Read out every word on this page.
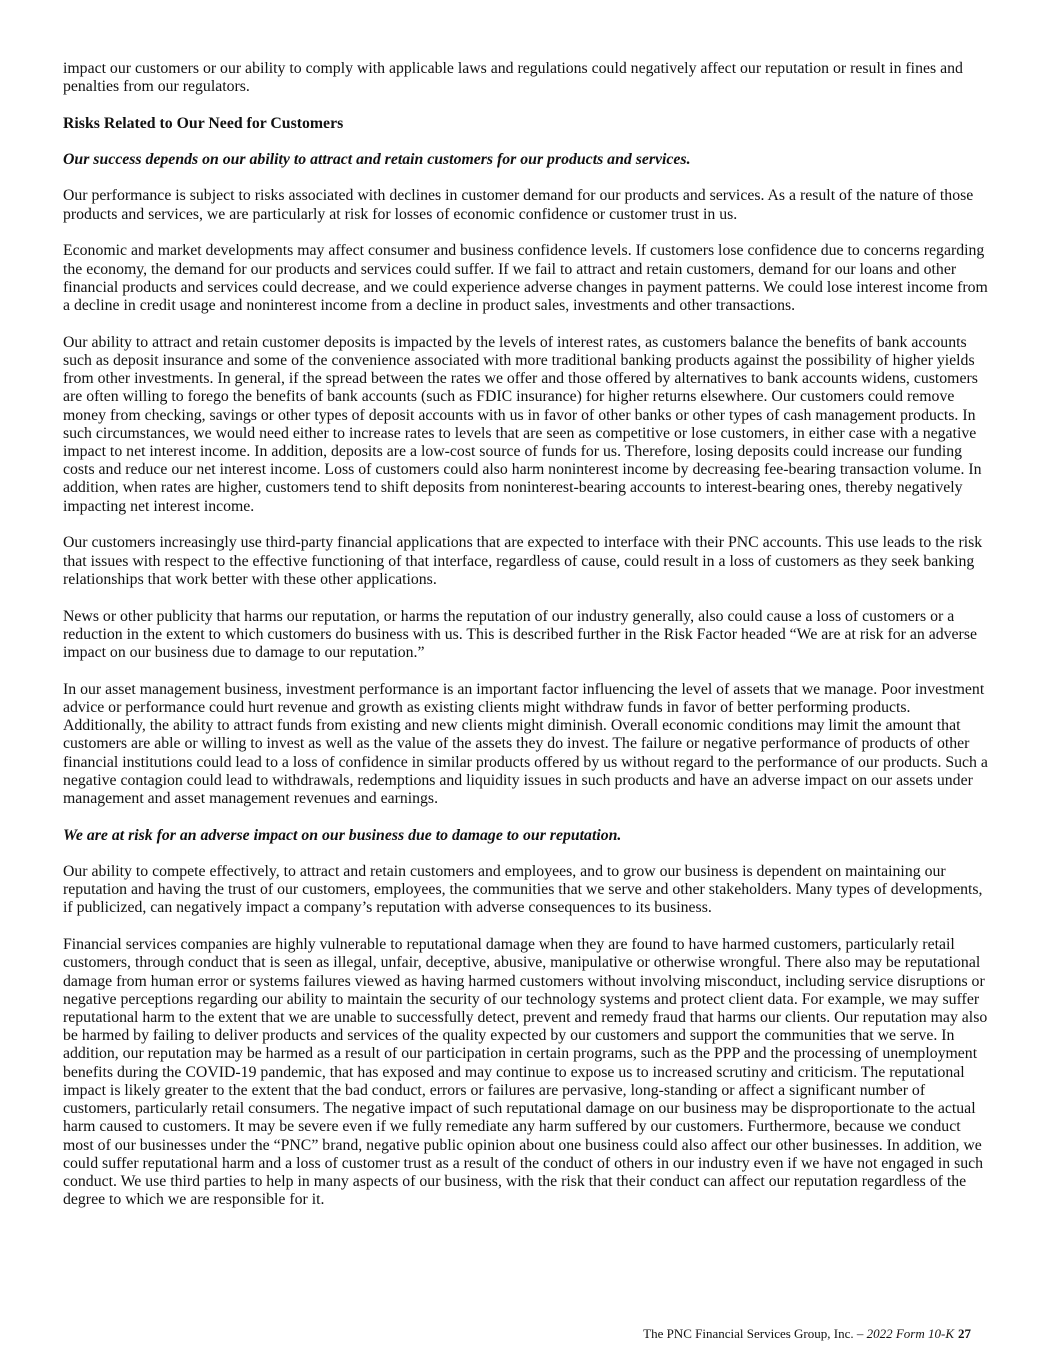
impact our customers or our ability to comply with applicable laws and regulations could negatively affect our reputation or result in fines and penalties from our regulators.

Risks Related to Our Need for Customers

Our success depends on our ability to attract and retain customers for our products and services.

Our performance is subject to risks associated with declines in customer demand for our products and services. As a result of the nature of those products and services, we are particularly at risk for losses of economic confidence or customer trust in us.

Economic and market developments may affect consumer and business confidence levels. If customers lose confidence due to concerns regarding the economy, the demand for our products and services could suffer. If we fail to attract and retain customers, demand for our loans and other financial products and services could decrease, and we could experience adverse changes in payment patterns. We could lose interest income from a decline in credit usage and noninterest income from a decline in product sales, investments and other transactions.

Our ability to attract and retain customer deposits is impacted by the levels of interest rates, as customers balance the benefits of bank accounts such as deposit insurance and some of the convenience associated with more traditional banking products against the possibility of higher yields from other investments. In general, if the spread between the rates we offer and those offered by alternatives to bank accounts widens, customers are often willing to forego the benefits of bank accounts (such as FDIC insurance) for higher returns elsewhere. Our customers could remove money from checking, savings or other types of deposit accounts with us in favor of other banks or other types of cash management products. In such circumstances, we would need either to increase rates to levels that are seen as competitive or lose customers, in either case with a negative impact to net interest income. In addition, deposits are a low-cost source of funds for us. Therefore, losing deposits could increase our funding costs and reduce our net interest income. Loss of customers could also harm noninterest income by decreasing fee-bearing transaction volume. In addition, when rates are higher, customers tend to shift deposits from noninterest-bearing accounts to interest-bearing ones, thereby negatively impacting net interest income.

Our customers increasingly use third-party financial applications that are expected to interface with their PNC accounts. This use leads to the risk that issues with respect to the effective functioning of that interface, regardless of cause, could result in a loss of customers as they seek banking relationships that work better with these other applications.

News or other publicity that harms our reputation, or harms the reputation of our industry generally, also could cause a loss of customers or a reduction in the extent to which customers do business with us. This is described further in the Risk Factor headed “We are at risk for an adverse impact on our business due to damage to our reputation.”

In our asset management business, investment performance is an important factor influencing the level of assets that we manage. Poor investment advice or performance could hurt revenue and growth as existing clients might withdraw funds in favor of better performing products. Additionally, the ability to attract funds from existing and new clients might diminish. Overall economic conditions may limit the amount that customers are able or willing to invest as well as the value of the assets they do invest. The failure or negative performance of products of other financial institutions could lead to a loss of confidence in similar products offered by us without regard to the performance of our products. Such a negative contagion could lead to withdrawals, redemptions and liquidity issues in such products and have an adverse impact on our assets under management and asset management revenues and earnings.

We are at risk for an adverse impact on our business due to damage to our reputation.

Our ability to compete effectively, to attract and retain customers and employees, and to grow our business is dependent on maintaining our reputation and having the trust of our customers, employees, the communities that we serve and other stakeholders. Many types of developments, if publicized, can negatively impact a company’s reputation with adverse consequences to its business.

Financial services companies are highly vulnerable to reputational damage when they are found to have harmed customers, particularly retail customers, through conduct that is seen as illegal, unfair, deceptive, abusive, manipulative or otherwise wrongful. There also may be reputational damage from human error or systems failures viewed as having harmed customers without involving misconduct, including service disruptions or negative perceptions regarding our ability to maintain the security of our technology systems and protect client data. For example, we may suffer reputational harm to the extent that we are unable to successfully detect, prevent and remedy fraud that harms our clients. Our reputation may also be harmed by failing to deliver products and services of the quality expected by our customers and support the communities that we serve. In addition, our reputation may be harmed as a result of our participation in certain programs, such as the PPP and the processing of unemployment benefits during the COVID-19 pandemic, that has exposed and may continue to expose us to increased scrutiny and criticism. The reputational impact is likely greater to the extent that the bad conduct, errors or failures are pervasive, long-standing or affect a significant number of customers, particularly retail consumers. The negative impact of such reputational damage on our business may be disproportionate to the actual harm caused to customers. It may be severe even if we fully remediate any harm suffered by our customers. Furthermore, because we conduct most of our businesses under the “PNC” brand, negative public opinion about one business could also affect our other businesses. In addition, we could suffer reputational harm and a loss of customer trust as a result of the conduct of others in our industry even if we have not engaged in such conduct. We use third parties to help in many aspects of our business, with the risk that their conduct can affect our reputation regardless of the degree to which we are responsible for it.

The PNC Financial Services Group, Inc. – 2022 Form 10-K 27
